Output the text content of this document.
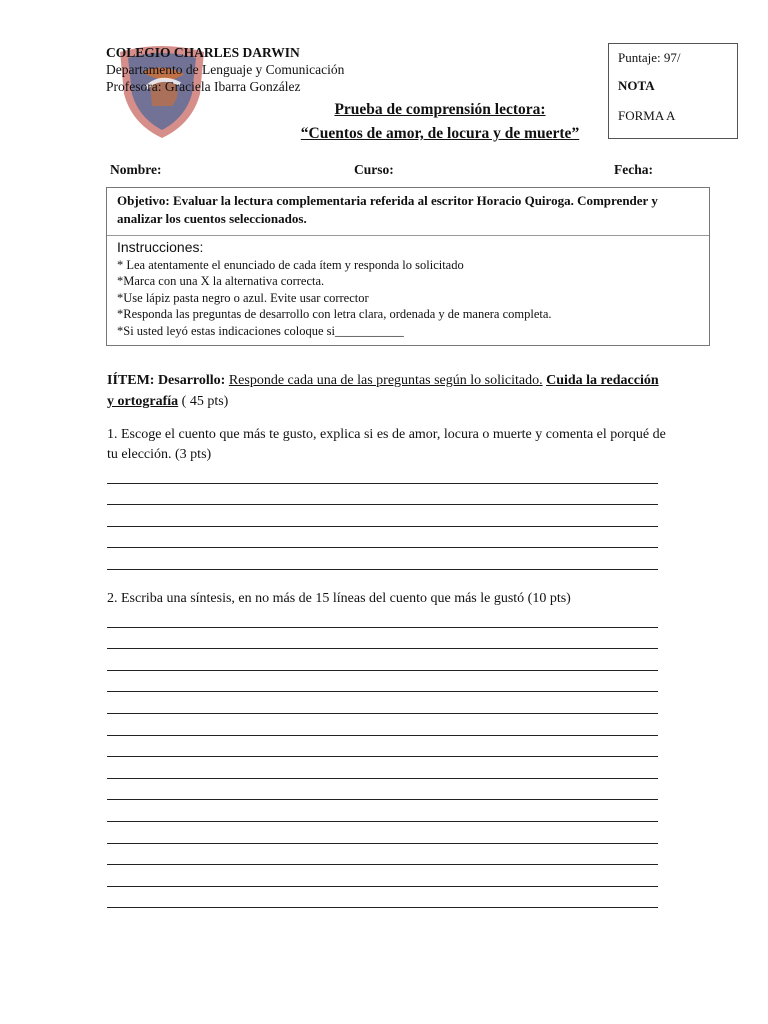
COLEGIO CHARLES DARWIN
Departamento de Lenguaje y Comunicación
Profesora: Graciela Ibarra González
Puntaje: 97/
NOTA
FORMA A
Prueba de comprensión lectora:
“Cuentos de amor, de locura y de muerte”
Nombre:	Curso:	Fecha:
Objetivo: Evaluar la lectura complementaria referida al escritor Horacio Quiroga. Comprender y analizar los cuentos seleccionados.
Instrucciones:
* Lea atentamente el enunciado de cada ítem y responda lo solicitado
*Marca con una X la alternativa correcta.
*Use lápiz pasta negro o azul. Evite usar corrector
*Responda las preguntas de desarrollo con letra clara, ordenada y de manera completa.
*Si usted leyó estas indicaciones coloque si___________
IÍTEM: Desarrollo: Responde cada una de las preguntas según lo solicitado. Cuida la redacción y ortografía ( 45 pts)
1. Escoge el cuento que más te gusto, explica si es de amor, locura o muerte y comenta el porqué de tu elección. (3 pts)
2. Escriba una síntesis, en no más de 15 líneas del cuento que más le gustó (10 pts)
